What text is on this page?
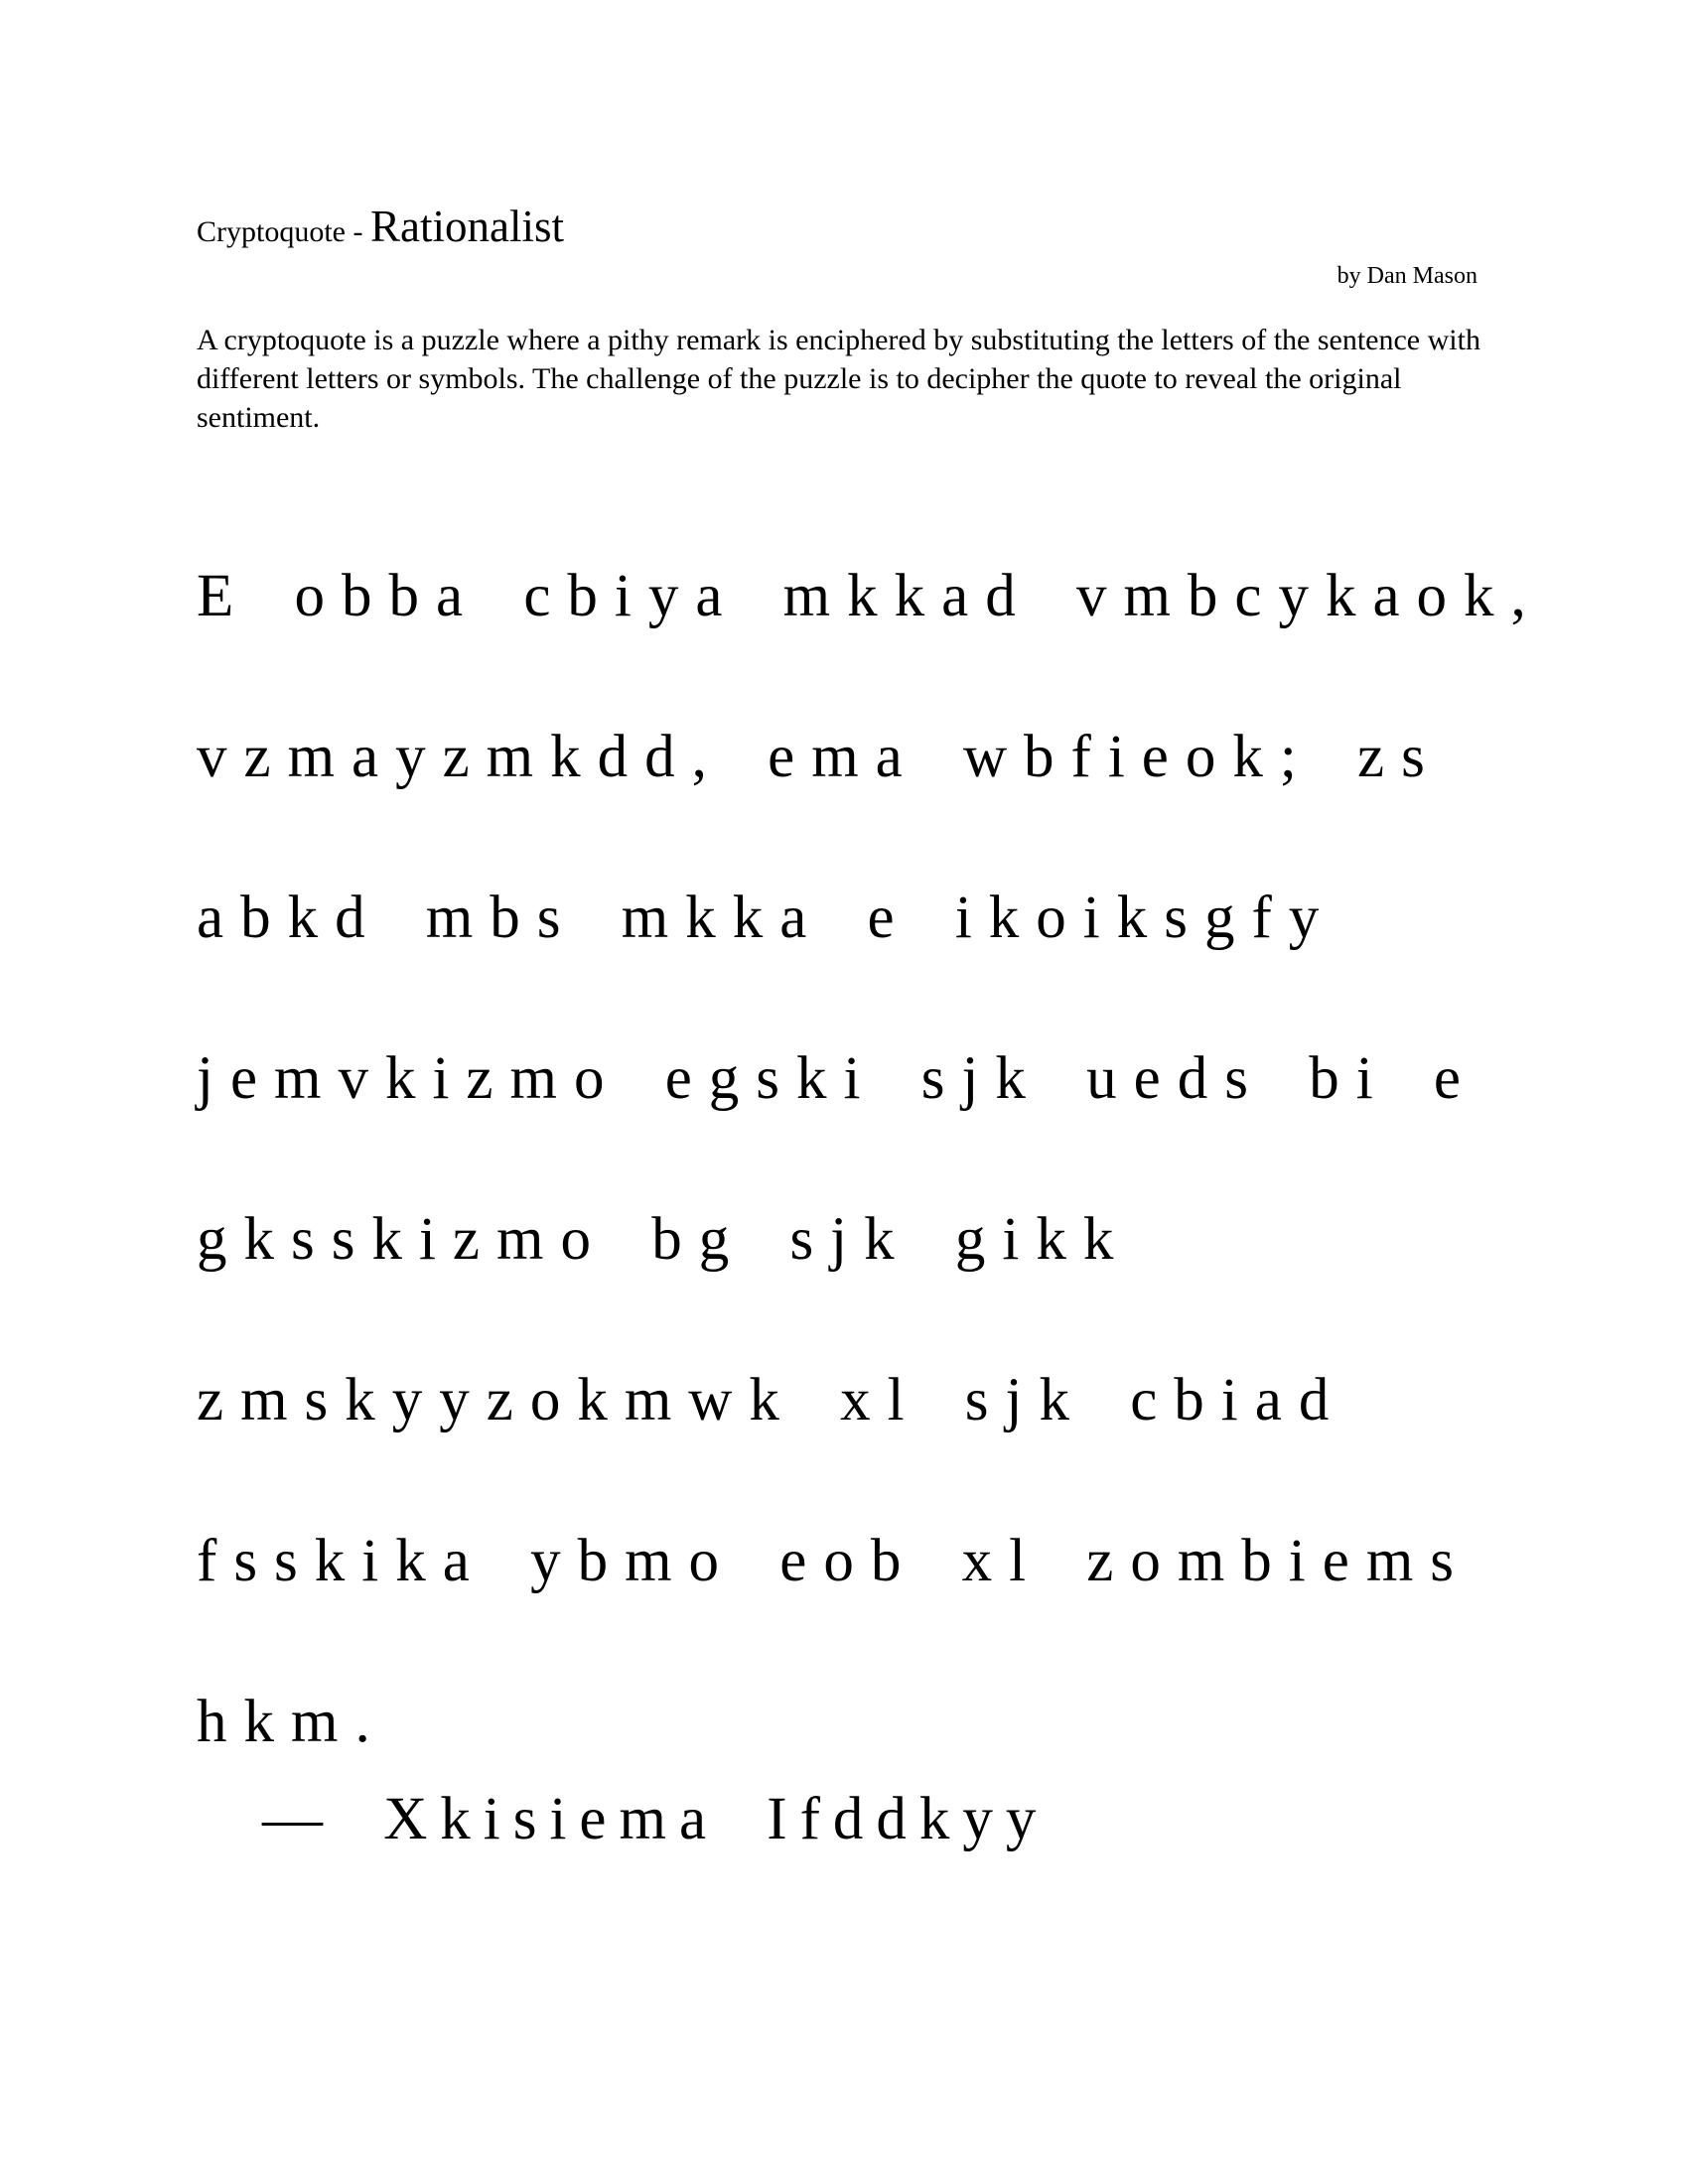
Cryptoquote - Rationalist
by Dan Mason

A cryptoquote is a puzzle where a pithy remark is enciphered by substituting the letters of the sentence with different letters or symbols. The challenge of the puzzle is to decipher the quote to reveal the original sentiment.

E obba cbiya mkkad vmbcykaok,
vzmayzmkdd, ema wbfieok; zs
abkd mbs mkka e ikoiksgfy
jemvkizmo egski sjk ueds bi e
gksskizmo bg sjk gikk
zmskyyzokmwk xl sjk cbiad
fsskika ybmo eob xl zombiems
hkm.
— Xkisiema Ifddkyy
